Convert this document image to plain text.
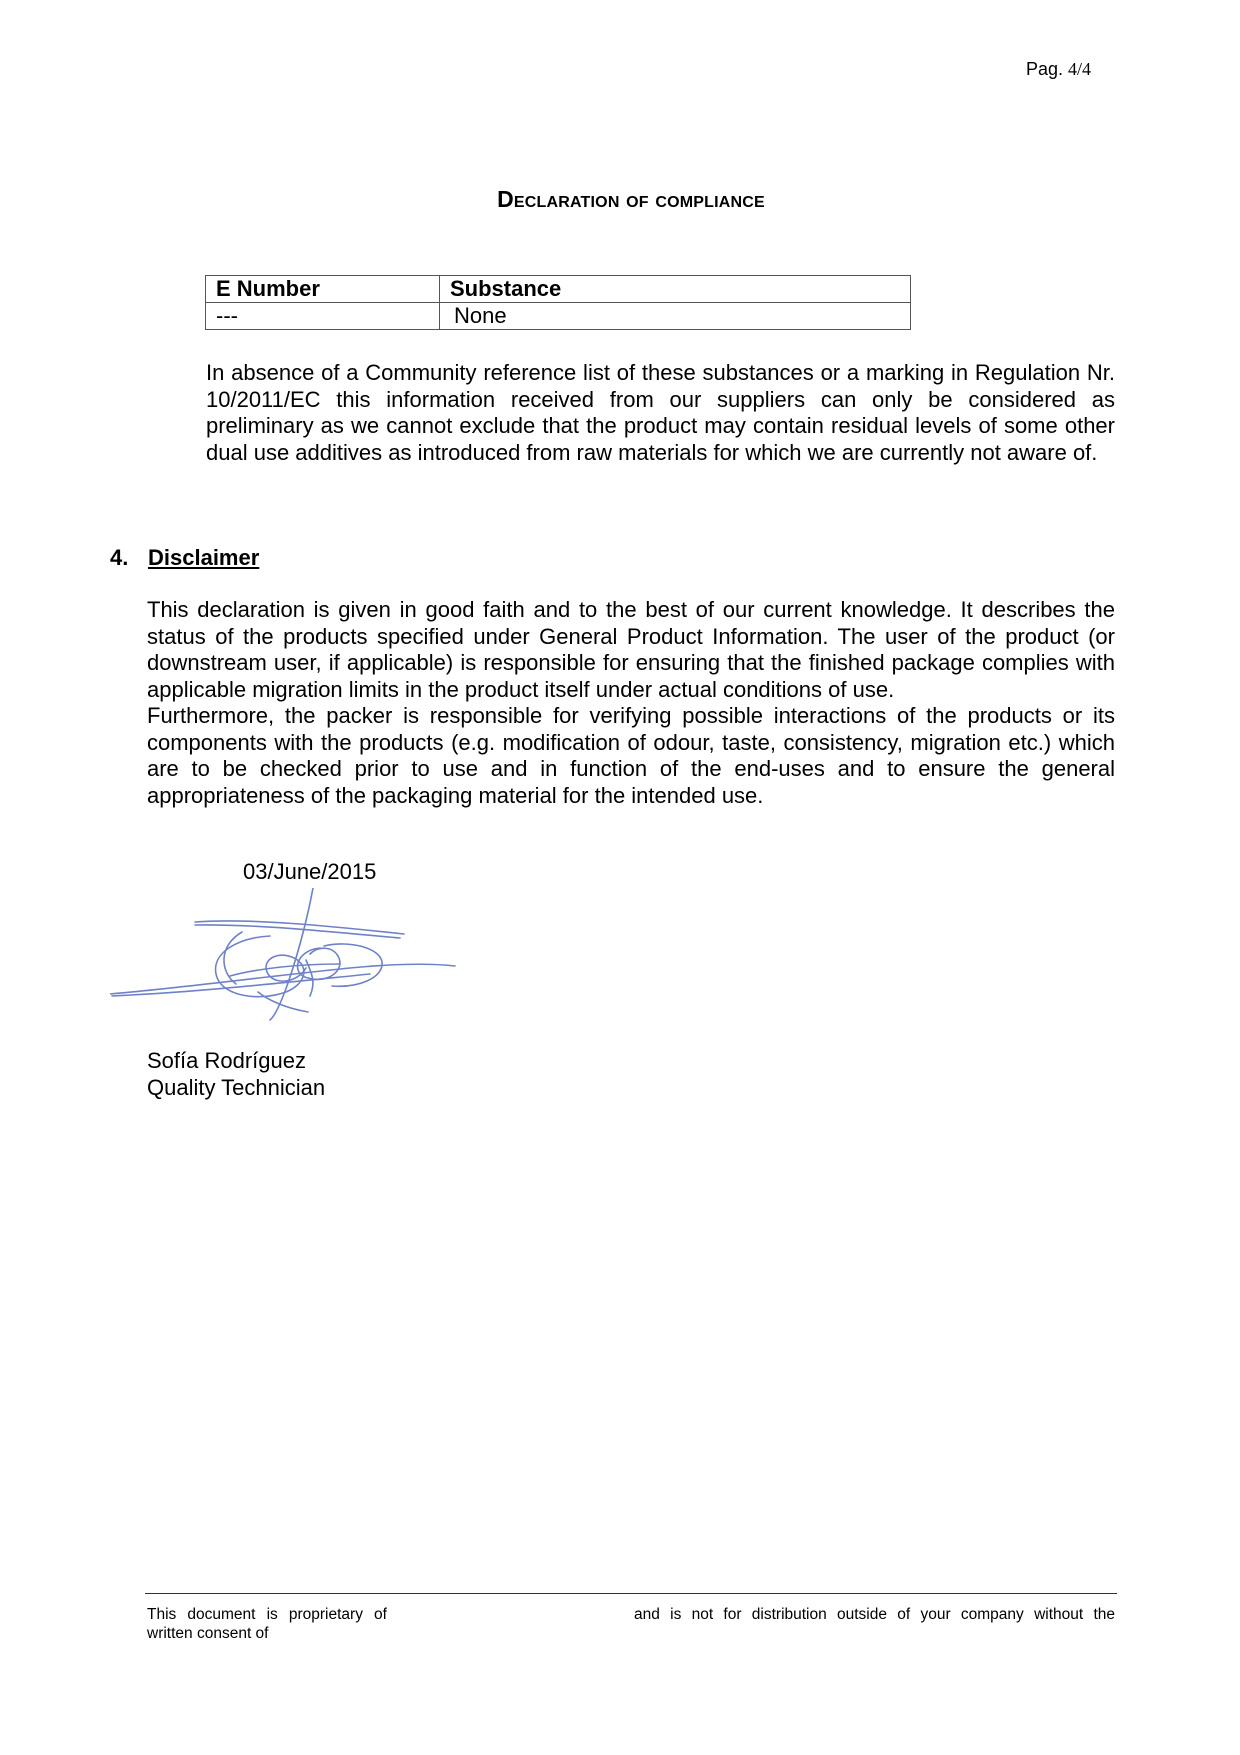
Pag. 4/4
Declaration of compliance
E Number	Substance
---	None
In absence of a Community reference list of these substances or a marking in Regulation Nr. 10/2011/EC this information received from our suppliers can only be considered as preliminary as we cannot exclude that the product may contain residual levels of some other dual use additives as introduced from raw materials for which we are currently not aware of.
4. Disclaimer

This declaration is given in good faith and to the best of our current knowledge. It describes the status of the products specified under General Product Information. The user of the product (or downstream user, if applicable) is responsible for ensuring that the finished package complies with applicable migration limits in the product itself under actual conditions of use.

Furthermore, the packer is responsible for verifying possible interactions of the products or its components with the products (e.g. modification of odour, taste, consistency, migration etc.) which are to be checked prior to use and in function of the end-uses and to ensure the general appropriateness of the packaging material for the intended use.

03/June/2015
Sofía Rodríguez
Quality Technician
This document is proprietary of written consent of
and is not for distribution outside of your company without the
